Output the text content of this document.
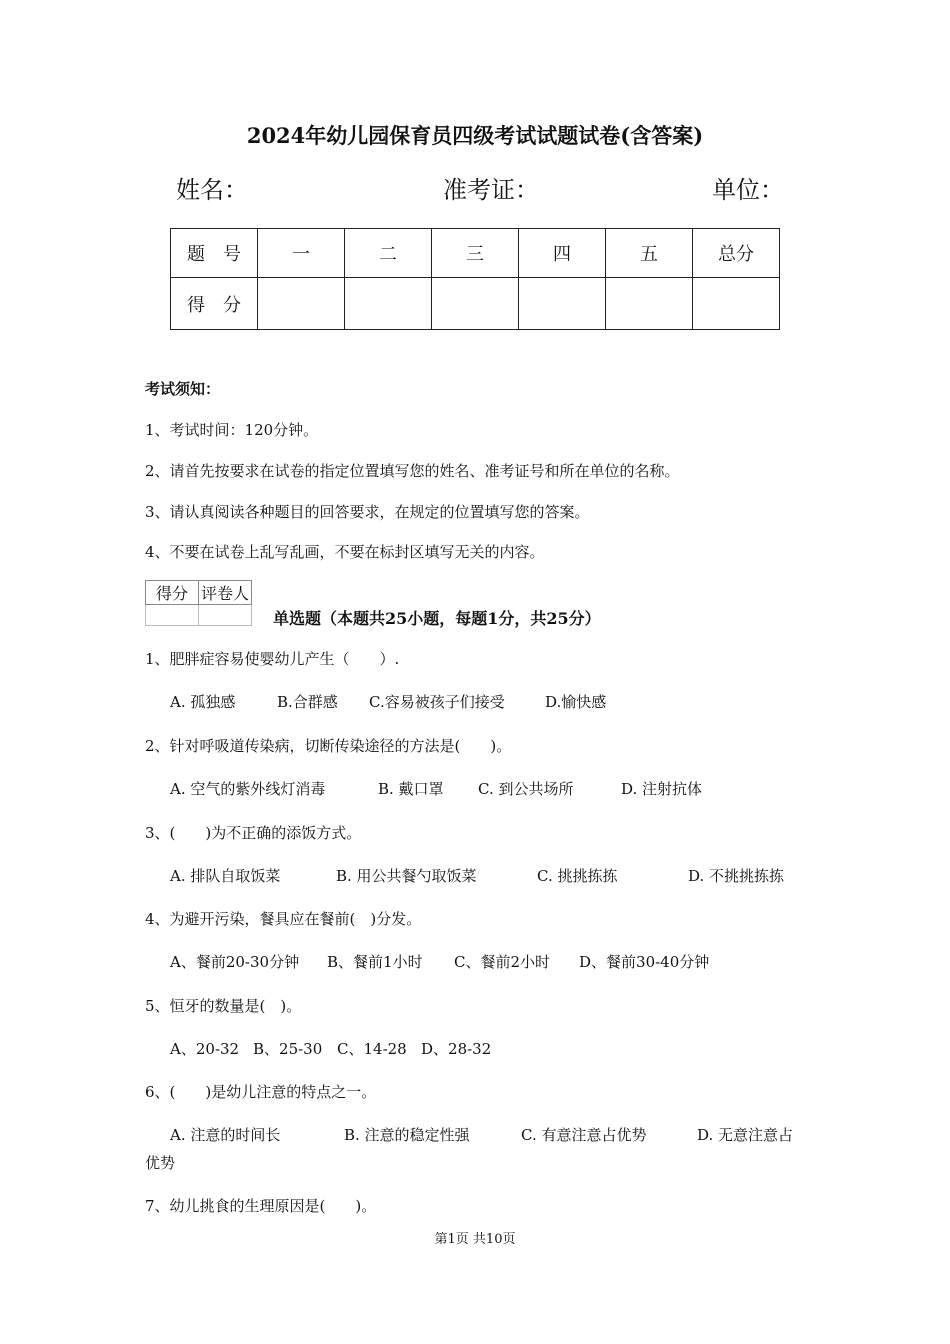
2024年幼儿园保育员四级考试试题试卷(含答案)
姓名：	准考证：	单位：
题　号	一	二	三	四	五	总分
得　分						
考试须知：
1、考试时间：120分钟。
2、请首先按要求在试卷的指定位置填写您的姓名、准考证号和所在单位的名称。
3、请认真阅读各种题目的回答要求，在规定的位置填写您的答案。
4、不要在试卷上乱写乱画，不要在标封区填写无关的内容。
得分	评卷人

单选题（本题共25小题，每题1分，共25分）
1、肥胖症容易使婴幼儿产生（　　）.
A. 孤独感	B.合群感 C.容易被孩子们接受	D.愉快感
2、针对呼吸道传染病，切断传染途径的方法是(　　)。
A. 空气的紫外线灯消毒	B. 戴口罩 C. 到公共场所	D. 注射抗体
3、(　　)为不正确的添饭方式。
A. 排队自取饭菜	B. 用公共餐勺取饭菜	C. 挑挑拣拣	D. 不挑挑拣拣
4、为避开污染，餐具应在餐前(　)分发。
A、餐前20-30分钟 B、餐前1小时 C、餐前2小时 D、餐前30-40分钟
5、恒牙的数量是(　)。
A、20-32 B、25-30 C、14-28 D、28-32
6、(　　)是幼儿注意的特点之一。
A. 注意的时间长	B. 注意的稳定性强	C. 有意注意占优势	D. 无意注意占
优势
7、幼儿挑食的生理原因是(　　)。
第1页 共10页
